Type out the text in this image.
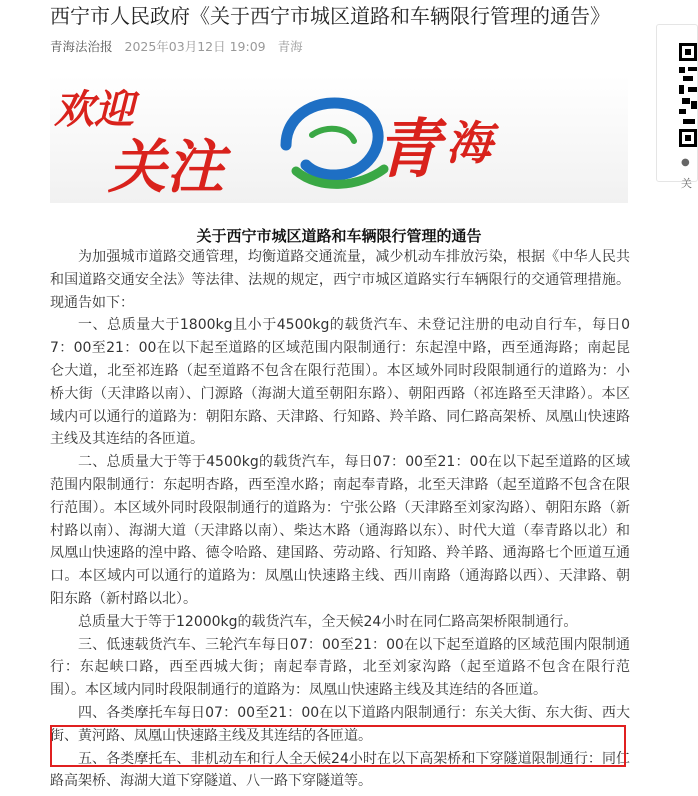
西宁市人民政府《关于西宁市城区道路和车辆限行管理的通告》
青海法治报 2025年03月12日 19:09 青海
欢迎
关注 青 海	●
关
关于西宁市城区道路和车辆限行管理的通告

为加强城市道路交通管理，均衡道路交通流量，减少机动车排放污染，根据《中华人民共和国道路交通安全法》等法律、法规的规定，西宁市城区道路实行车辆限行的交通管理措施。现通告如下：

一、总质量大于1800kg且小于4500kg的载货汽车、未登记注册的电动自行车，每日07：00至21：00在以下起至道路的区域范围内限制通行：东起湟中路，西至通海路；南起昆仑大道，北至祁连路（起至道路不包含在限行范围）。本区域外同时段限制通行的道路为：小桥大街（天津路以南）、门源路（海湖大道至朝阳东路）、朝阳西路（祁连路至天津路）。本区域内可以通行的道路为：朝阳东路、天津路、行知路、羚羊路、同仁路高架桥、凤凰山快速路主线及其连结的各匝道。

二、总质量大于等于4500kg的载货汽车，每日07：00至21：00在以下起至道路的区域范围内限制通行：东起明杏路，西至湟水路；南起奉青路，北至天津路（起至道路不包含在限行范围）。本区域外同时段限制通行的道路为：宁张公路（天津路至刘家沟路）、朝阳东路（新村路以南）、海湖大道（天津路以南）、柴达木路（通海路以东）、时代大道（奉青路以北）和凤凰山快速路的湟中路、德令哈路、建国路、劳动路、行知路、羚羊路、通海路七个匝道互通口。本区域内可以通行的道路为：凤凰山快速路主线、西川南路（通海路以西）、天津路、朝阳东路（新村路以北）。

总质量大于等于12000kg的载货汽车，全天候24小时在同仁路高架桥限制通行。

三、低速载货汽车、三轮汽车每日07：00至21：00在以下起至道路的区域范围内限制通行：东起峡口路，西至西城大街；南起奉青路，北至刘家沟路（起至道路不包含在限行范围）。本区域内同时段限制通行的道路为：凤凰山快速路主线及其连结的各匝道。

四、各类摩托车每日07：00至21：00在以下道路内限制通行：东关大街、东大街、西大街、黄河路、凤凰山快速路主线及其连结的各匝道。

五、各类摩托车、非机动车和行人全天候24小时在以下高架桥和下穿隧道限制通行：同仁路高架桥、海湖大道下穿隧道、八一路下穿隧道等。
